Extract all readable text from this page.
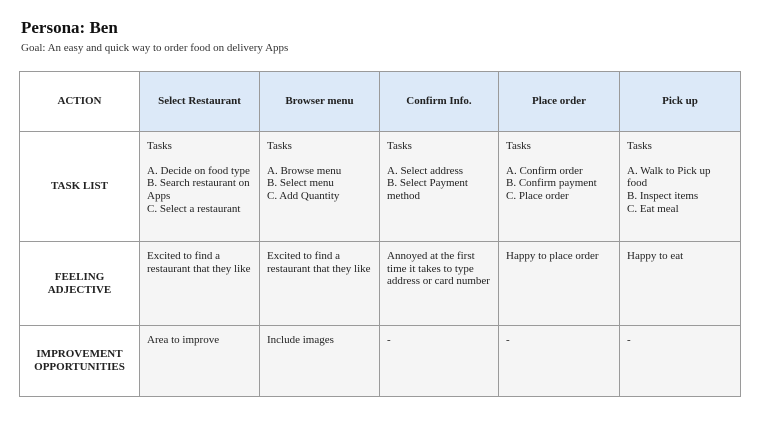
Persona: Ben
Goal: An easy and quick way to order food on delivery Apps
ACTION	Select Restaurant	Browser menu	Confirm Info.	Place order	Pick up
TASK LIST	Tasks
A. Decide on food type
B. Search restaurant on Apps
C. Select a restaurant	Tasks
A. Browse menu
B. Select menu
C. Add Quantity	Tasks
A. Select address
B. Select Payment method	Tasks
A. Confirm order
B. Confirm payment
C. Place order	Tasks
A. Walk to Pick up food
B. Inspect items
C. Eat meal

FEELING ADJECTIVE	Excited to find a restaurant that they like	Excited to find a restaurant that they like	Annoyed at the first time it takes to type address or card number	Happy to place order	Happy to eat
IMPROVEMENT OPPORTUNITIES	Area to improve	Include images	-	-	-
